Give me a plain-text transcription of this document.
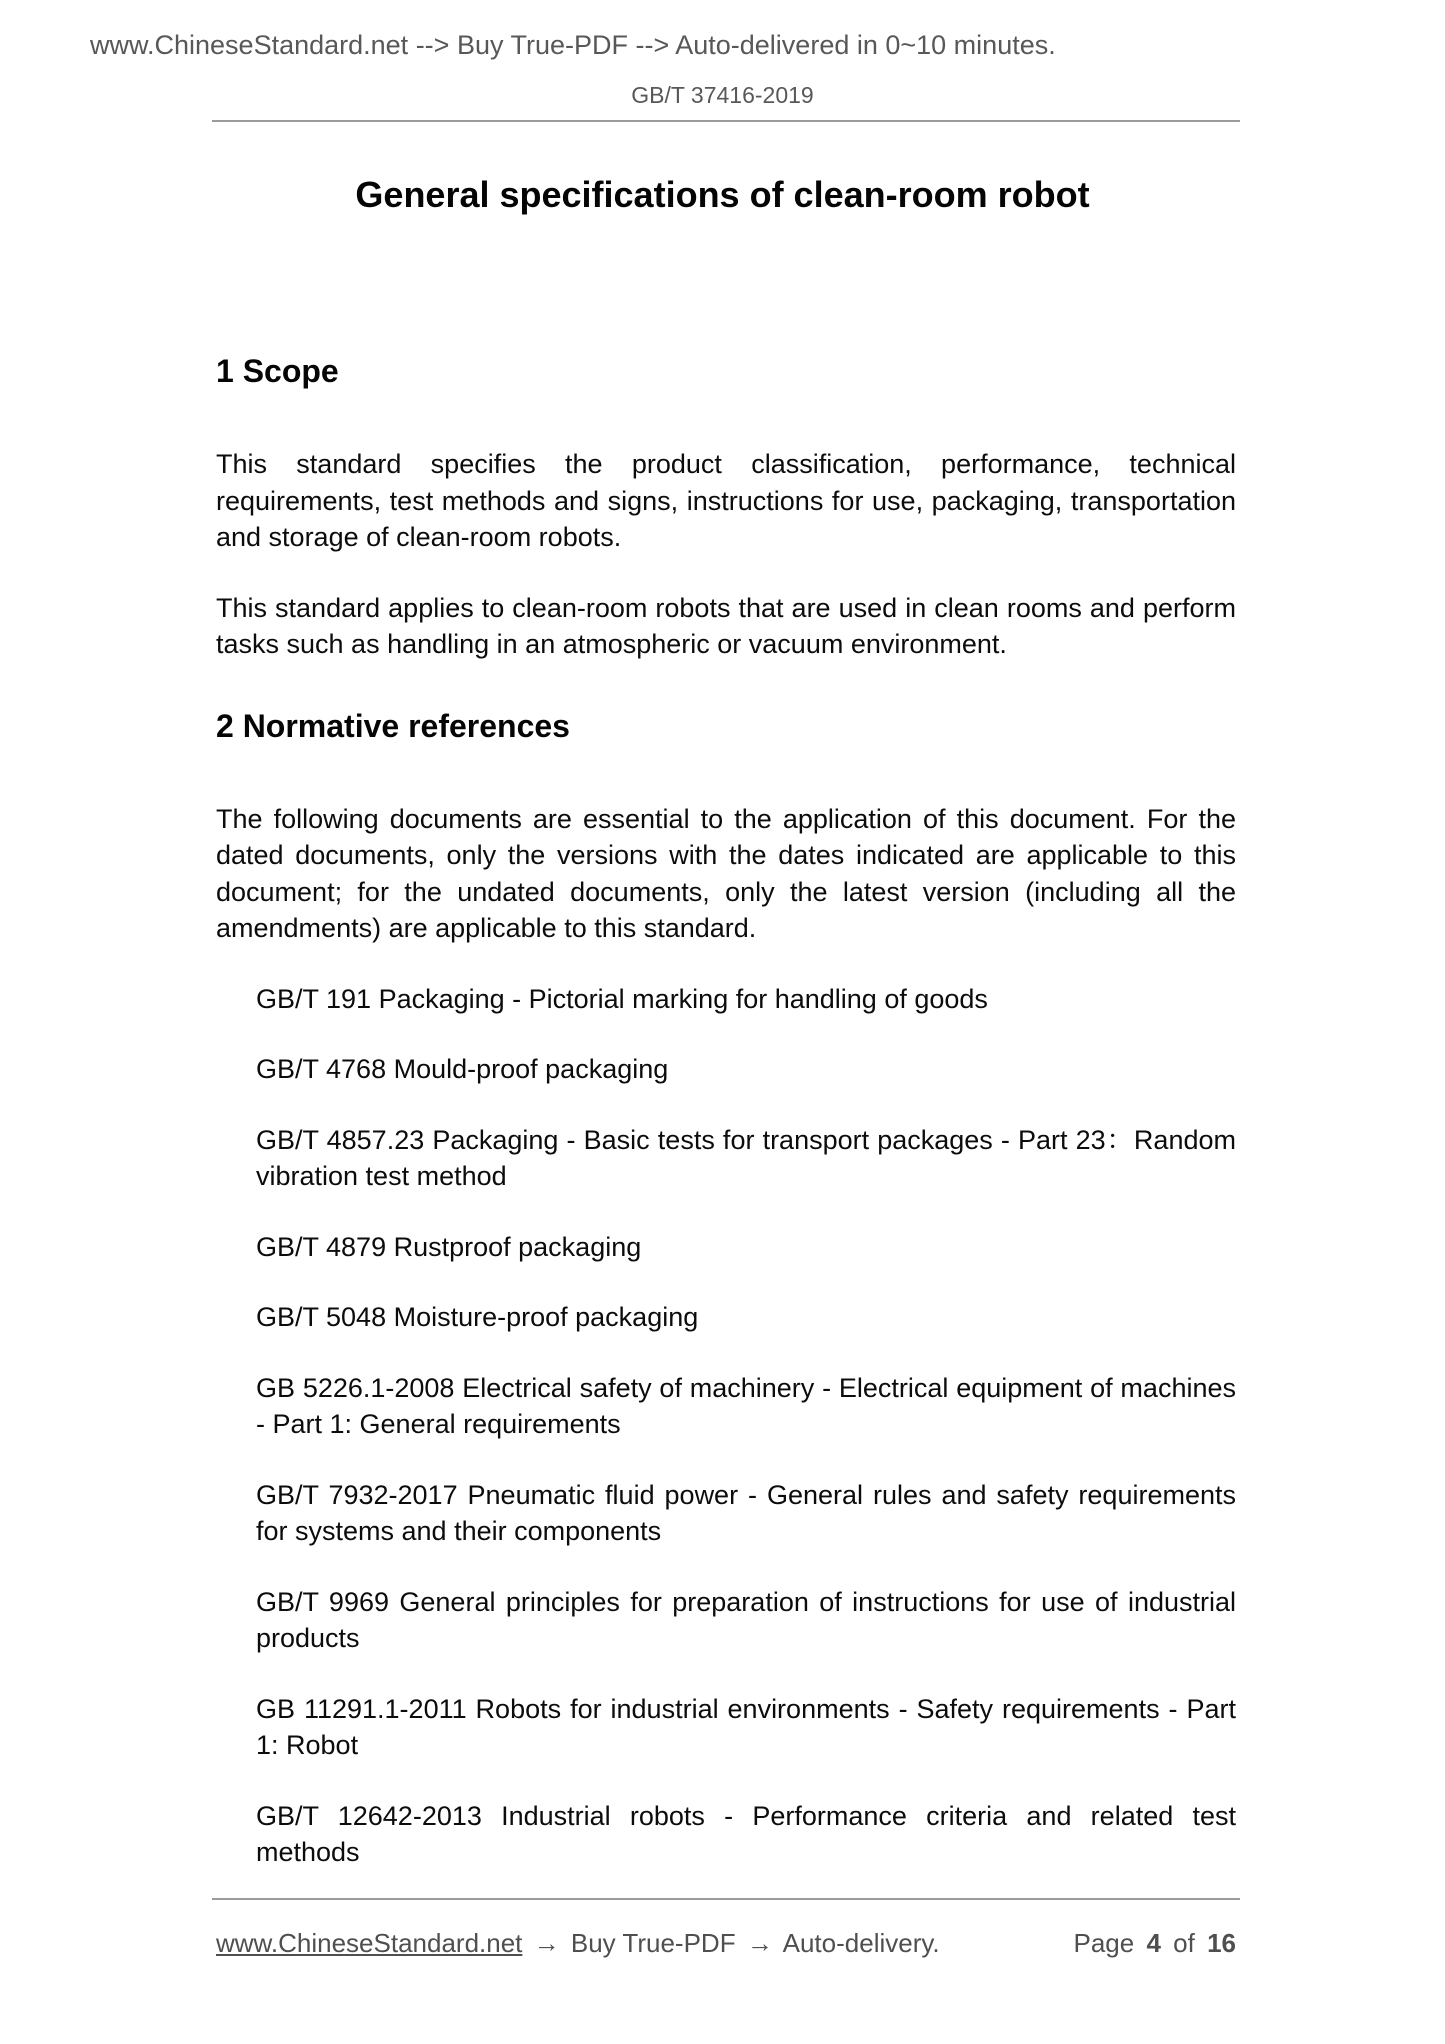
www.ChineseStandard.net --> Buy True-PDF --> Auto-delivered in 0~10 minutes.
GB/T 37416-2019
General specifications of clean-room robot
1 Scope

This standard specifies the product classification, performance, technical requirements, test methods and signs, instructions for use, packaging, transportation and storage of clean-room robots.

This standard applies to clean-room robots that are used in clean rooms and perform tasks such as handling in an atmospheric or vacuum environment.

2 Normative references

The following documents are essential to the application of this document. For the dated documents, only the versions with the dates indicated are applicable to this document; for the undated documents, only the latest version (including all the amendments) are applicable to this standard.

GB/T 191 Packaging - Pictorial marking for handling of goods

GB/T 4768 Mould-proof packaging

GB/T 4857.23 Packaging - Basic tests for transport packages - Part 23：Random vibration test method

GB/T 4879 Rustproof packaging

GB/T 5048 Moisture-proof packaging

GB 5226.1-2008 Electrical safety of machinery - Electrical equipment of machines - Part 1: General requirements

GB/T 7932-2017 Pneumatic fluid power - General rules and safety requirements for systems and their components

GB/T 9969 General principles for preparation of instructions for use of industrial products

GB 11291.1-2011 Robots for industrial environments - Safety requirements - Part 1: Robot

GB/T 12642-2013 Industrial robots - Performance criteria and related test methods

www.ChineseStandard.net → Buy True-PDF → Auto-delivery.	Page 4 of 16
